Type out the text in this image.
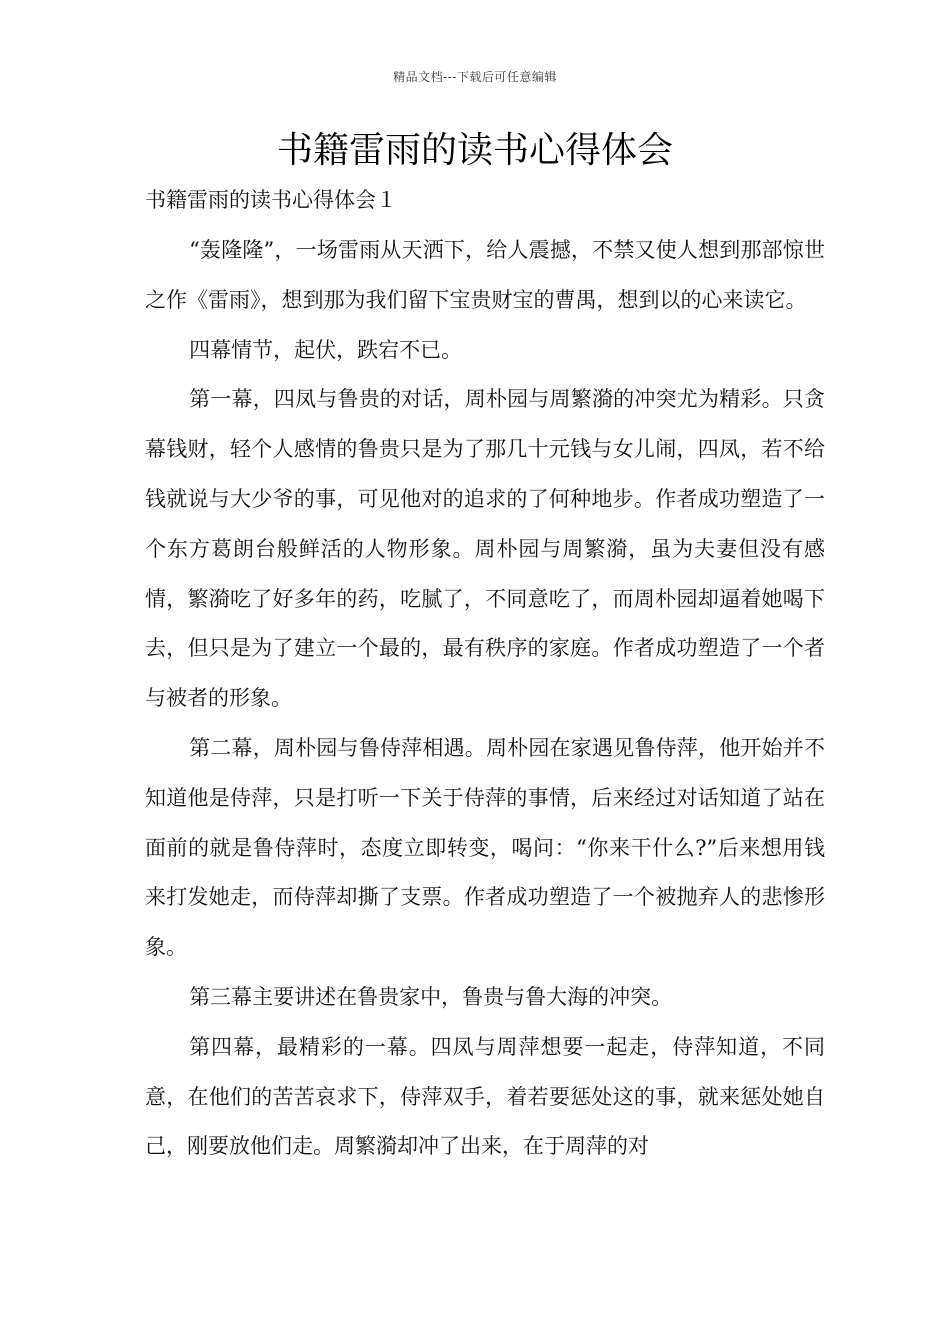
精品文档---下载后可任意编辑
书籍雷雨的读书心得体会
书籍雷雨的读书心得体会１

“轰隆隆”，一场雷雨从天洒下，给人震撼，不禁又使人想到那部惊世之作《雷雨》，想到那为我们留下宝贵财宝的曹禺，想到以的心来读它。

四幕情节，起伏，跌宕不已。

第一幕，四凤与鲁贵的对话，周朴园与周繁漪的冲突尤为精彩。只贪幕钱财，轻个人感情的鲁贵只是为了那几十元钱与女儿闹，四凤，若不给钱就说与大少爷的事，可见他对的追求的了何种地步。作者成功塑造了一个东方葛朗台般鲜活的人物形象。周朴园与周繁漪，虽为夫妻但没有感情，繁漪吃了好多年的药，吃腻了，不同意吃了，而周朴园却逼着她喝下去，但只是为了建立一个最的，最有秩序的家庭。作者成功塑造了一个者与被者的形象。

第二幕，周朴园与鲁侍萍相遇。周朴园在家遇见鲁侍萍，他开始并不知道他是侍萍，只是打听一下关于侍萍的事情，后来经过对话知道了站在面前的就是鲁侍萍时，态度立即转变，喝问：“你来干什么?”后来想用钱来打发她走，而侍萍却撕了支票。作者成功塑造了一个被抛弃人的悲惨形象。

第三幕主要讲述在鲁贵家中，鲁贵与鲁大海的冲突。

第四幕，最精彩的一幕。四凤与周萍想要一起走，侍萍知道，不同意，在他们的苦苦哀求下，侍萍双手，着若要惩处这的事，就来惩处她自己，刚要放他们走。周繁漪却冲了出来，在于周萍的对
